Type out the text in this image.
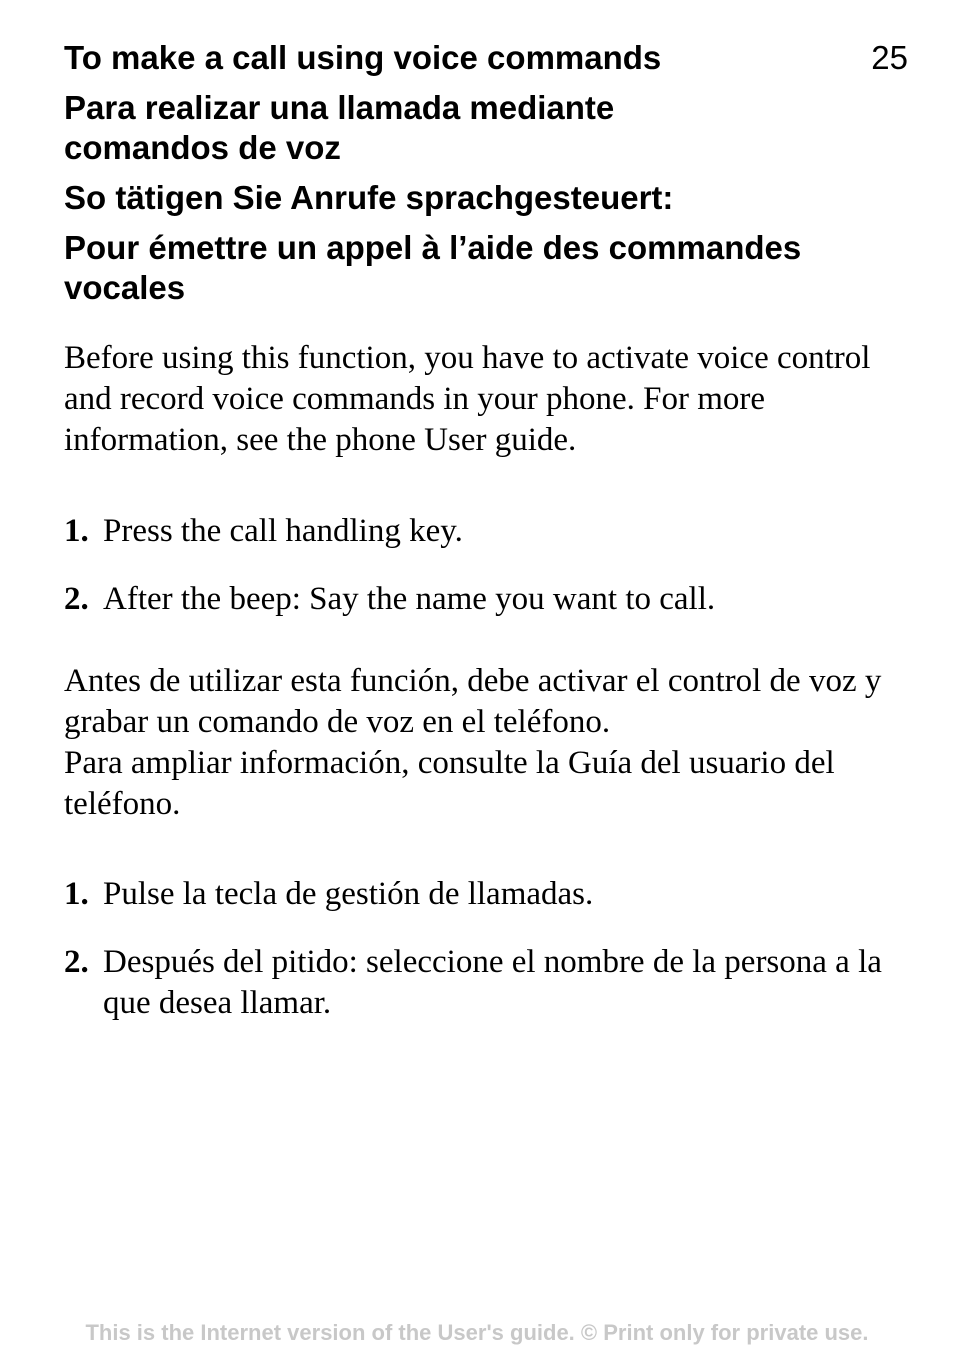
25
To make a call using voice commands
Para realizar una llamada mediante comandos de voz
So tätigen Sie Anrufe sprachgesteuert:
Pour émettre un appel à l’aide des commandes vocales

Before using this function, you have to activate voice control and record voice commands in your phone. For more information, see the phone User guide.

1. Press the call handling key.
2. After the beep: Say the name you want to call.

Antes de utilizar esta función, debe activar el control de voz y grabar un comando de voz en el teléfono.

Para ampliar información, consulte la Guía del usuario del teléfono.

1. Pulse la tecla de gestión de llamadas.
2. Después del pitido: seleccione el nombre de la persona a la que desea llamar.
This is the Internet version of the User's guide. © Print only for private use.
